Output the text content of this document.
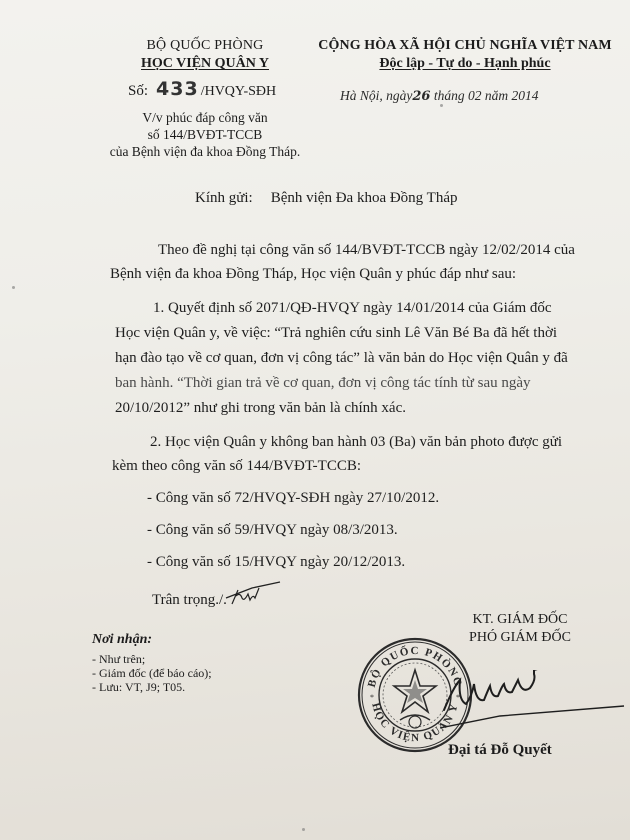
BỘ QUỐC PHÒNG
HỌC VIỆN QUÂN Y
Số: 433 /HVQY-SĐH
V/v phúc đáp công văn
số 144/BVĐT-TCCB
của Bệnh viện đa khoa Đồng Tháp.
CỘNG HÒA XÃ HỘI CHỦ NGHĨA VIỆT NAM
Độc lập - Tự do - Hạnh phúc
Hà Nội, ngày26 tháng 02 năm 2014
Kính gửi: Bệnh viện Đa khoa Đồng Tháp
Theo đề nghị tại công văn số 144/BVĐT-TCCB ngày 12/02/2014 của
Bệnh viện đa khoa Đồng Tháp, Học viện Quân y phúc đáp như sau:
1. Quyết định số 2071/QĐ-HVQY ngày 14/01/2014 của Giám đốc
Học viện Quân y, về việc: “Trả nghiên cứu sinh Lê Văn Bé Ba đã hết thời
hạn đào tạo về cơ quan, đơn vị công tác” là văn bản do Học viện Quân y đã
ban hành. “Thời gian trả về cơ quan, đơn vị công tác tính từ sau ngày
20/10/2012” như ghi trong văn bản là chính xác.
2. Học viện Quân y không ban hành 03 (Ba) văn bản photo được gửi
kèm theo công văn số 144/BVĐT-TCCB:
- Công văn số 72/HVQY-SĐH ngày 27/10/2012.
- Công văn số 59/HVQY ngày 08/3/2013.
- Công văn số 15/HVQY ngày 20/12/2013.
Trân trọng./.
Nơi nhận:
- Như trên;
- Giám đốc (để báo cáo);
- Lưu: VT, J9; T05.
KT. GIÁM ĐỐC
PHÓ GIÁM ĐỐC
BỘ QUỐC PHÒNG
HỌC VIỆN QUÂN Y
*	*
Đại tá Đỗ Quyết
